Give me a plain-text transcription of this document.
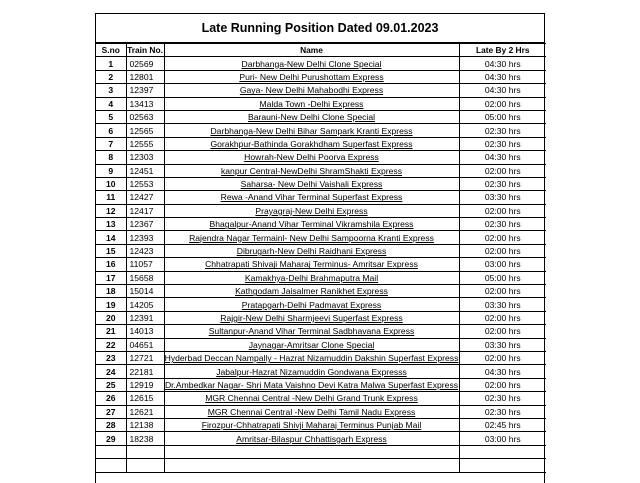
Late Running Position Dated 09.01.2023
S.no	Train No.	Name	Late By 2 Hrs
1	02569	Darbhanga-New Delhi Clone Special	04:30 hrs
2	12801	Puri- New Delhi Purushottam Express	04:30 hrs
3	12397	Gaya- New Delhi Mahabodhi Express	04:30 hrs
4	13413	Malda Town -Delhi Express	02:00 hrs
5	02563	Barauni-New Delhi Clone Special	05:00 hrs
6	12565	Darbhanga-New Delhi Bihar Sampark Kranti Express	02:30 hrs
7	12555	Gorakhpur-Bathinda Gorakhdham Superfast Express	02:30 hrs
8	12303	Howrah-New Delhi Poorva Express	04:30 hrs
9	12451	kanpur Central-NewDelhi ShramShakti Express	02:00 hrs
10	12553	Saharsa- New Delhi Vaishali Express	02:30 hrs
11	12427	Rewa -Anand Vihar Terminal Superfast Express	03:30 hrs
12	12417	Prayagraj-New Delhi Express	02:00 hrs
13	12367	Bhagalpur-Anand Vihar Terminal Vikramshila Express	02:30 hrs
14	12393	Rajendra Nagar Termainl- New Delhi Sampoorna Kranti Express	02:00 hrs
15	12423	Dibrugarh-New Delhi Raidhani Express	02:00 hrs
16	11057	Chhatrapati Shivaji Maharaj Terminus- Amritsar Express	03:00 hrs
17	15658	Kamakhya-Delhi Brahmaputra Mail	05:00 hrs
18	15014	Kathgodam Jaisalmer Ranikhet Express	02:00 hrs
19	14205	Pratapgarh-Delhi Padmavat Express	03:30 hrs
20	12391	Rajgir-New Delhi Sharmjeevi Superfast Express	02:00 hrs
21	14013	Sultanpur-Anand Vihar Terminal Sadbhavana Express	02:00 hrs
22	04651	Jaynagar-Amritsar Clone Special	03:30 hrs
23	12721	Hyderbad Deccan Nampally - Hazrat Nizamuddin Dakshin Superfast Express	02:00 hrs
24	22181	Jabalpur-Hazrat Nizamuddin Gondwana Expresss	04:30 hrs
25	12919	Dr.Ambedkar Nagar- Shri Mata Vaishno Devi Katra Malwa Superfast Express	02:00 hrs
26	12615	MGR Chennai Central -New Delhi Grand Trunk Express	02:30 hrs
27	12621	MGR Chennai Central -New Delhi Tamil Nadu Express	02:30 hrs
28	12138	Firozpur-Chhatrapati Shivji Maharaj Terminus Punjab Mail	02:45 hrs
29	18238	Amritsar-Bilaspur Chhattisgarh Express	03:00 hrs
